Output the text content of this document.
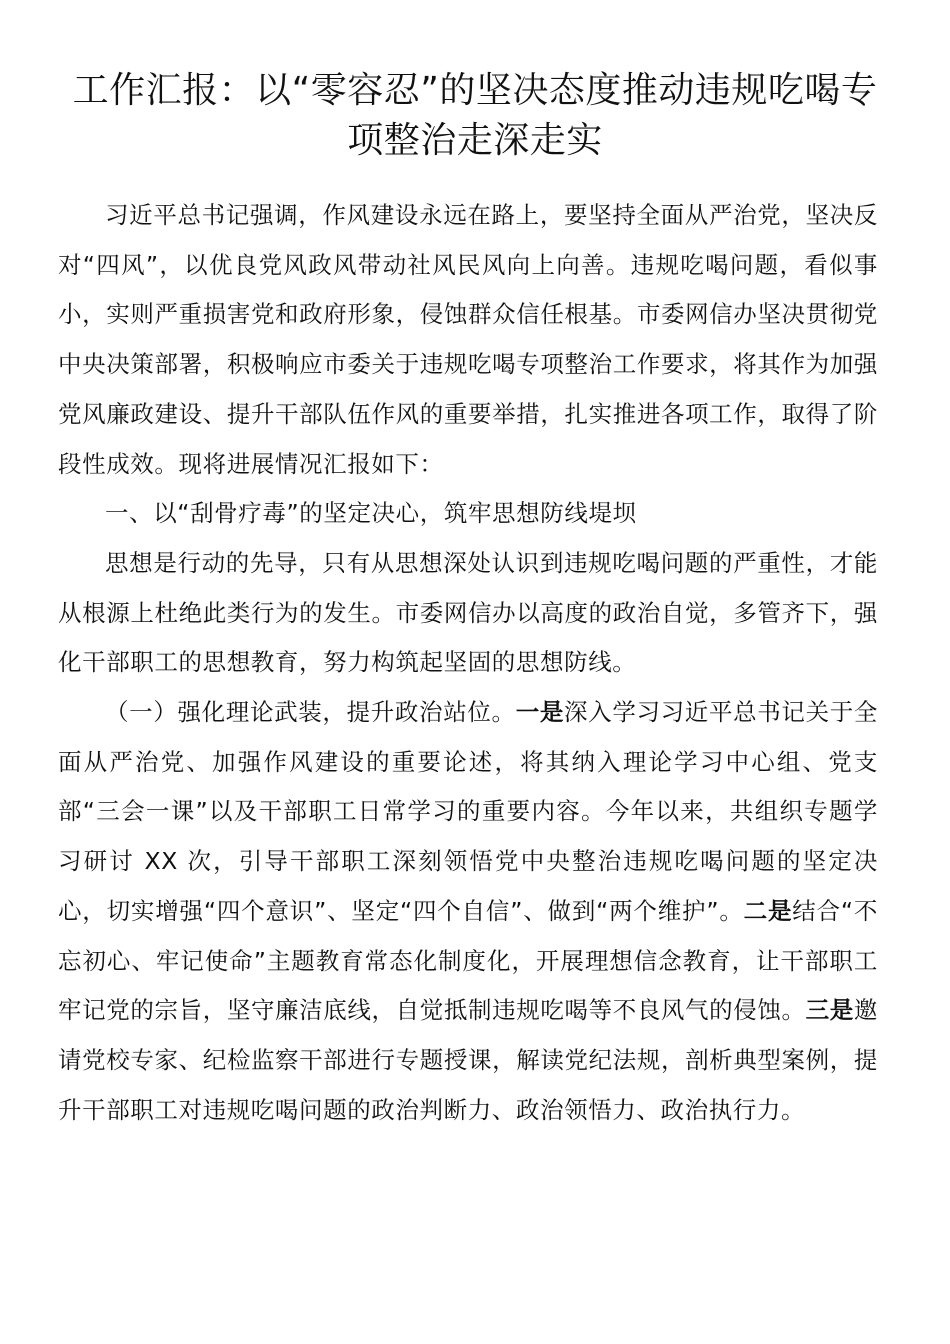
工作汇报：以“零容忍”的坚决态度推动违规吃喝专项整治走深走实

习近平总书记强调，作风建设永远在路上，要坚持全面从严治党，坚决反对“四风”，以优良党风政风带动社风民风向上向善。违规吃喝问题，看似事小，实则严重损害党和政府形象，侵蚀群众信任根基。市委网信办坚决贯彻党中央决策部署，积极响应市委关于违规吃喝专项整治工作要求，将其作为加强党风廉政建设、提升干部队伍作风的重要举措，扎实推进各项工作，取得了阶段性成效。现将进展情况汇报如下：

一、以“刮骨疗毒”的坚定决心，筑牢思想防线堤坝

思想是行动的先导，只有从思想深处认识到违规吃喝问题的严重性，才能从根源上杜绝此类行为的发生。市委网信办以高度的政治自觉，多管齐下，强化干部职工的思想教育，努力构筑起坚固的思想防线。

（一）强化理论武装，提升政治站位。一是深入学习习近平总书记关于全面从严治党、加强作风建设的重要论述，将其纳入理论学习中心组、党支部“三会一课”以及干部职工日常学习的重要内容。今年以来，共组织专题学习研讨 XX 次，引导干部职工深刻领悟党中央整治违规吃喝问题的坚定决心，切实增强“四个意识”、坚定“四个自信”、做到“两个维护”。二是结合“不忘初心、牢记使命”主题教育常态化制度化，开展理想信念教育，让干部职工牢记党的宗旨，坚守廉洁底线，自觉抵制违规吃喝等不良风气的侵蚀。三是邀请党校专家、纪检监察干部进行专题授课，解读党纪法规，剖析典型案例，提升干部职工对违规吃喝问题的政治判断力、政治领悟力、政治执行力。
